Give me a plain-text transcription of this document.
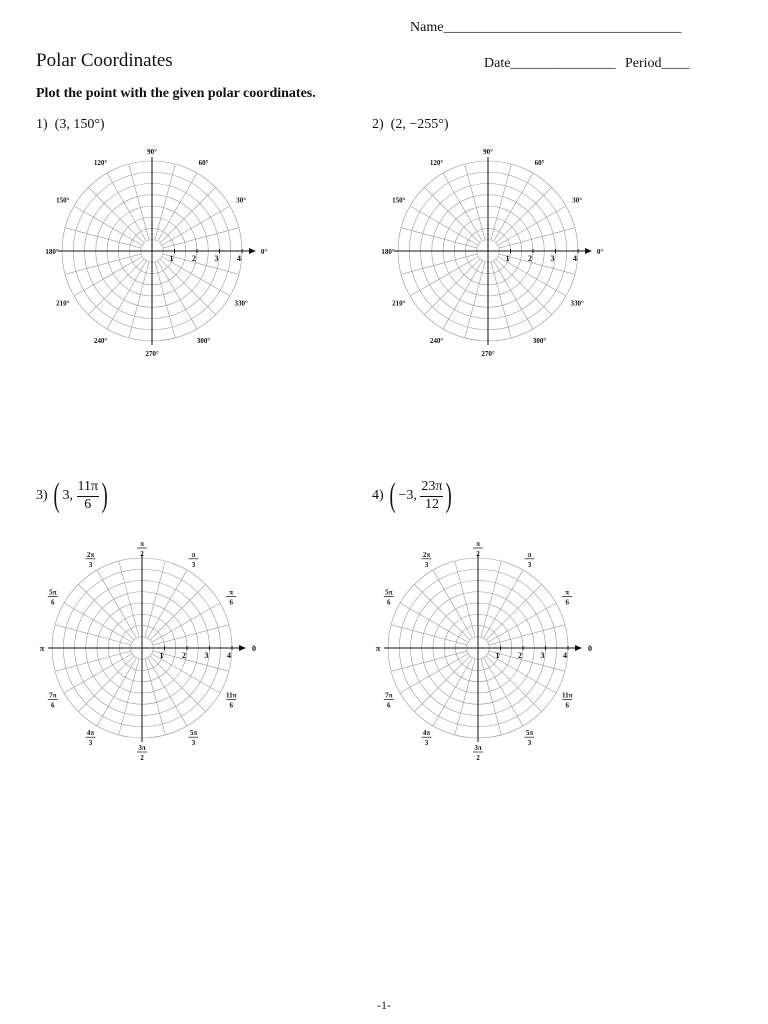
Name__________________________________
Polar Coordinates	Date_______________ Period____
Plot the point with the given polar coordinates.
1) (3, 150°)	2) (2, −255°)
3) ( 3, $\frac{11\pi}{6}$ )	4) ( −3, $\frac{23\pi}{12}$ )
1 2 3 4
0°
30°
60°
90°
120°
150°
180°
210°
240°
270°
300°
330°
1 2 3 4
0°
30°
60°
90°
120°
150°
180°
210°
240°
270°
300°
330°
1 2 3 4
0
π
6
π
3
π
2
2π
3
5π
6
π
7π
6
4π
3
3π
2
5π
3
11π
6
1 2 3 4
0
π
6
π
3
π
2
2π
3
5π
6
π
7π
6
4π
3
3π
2
5π
3
11π
6
-1-
